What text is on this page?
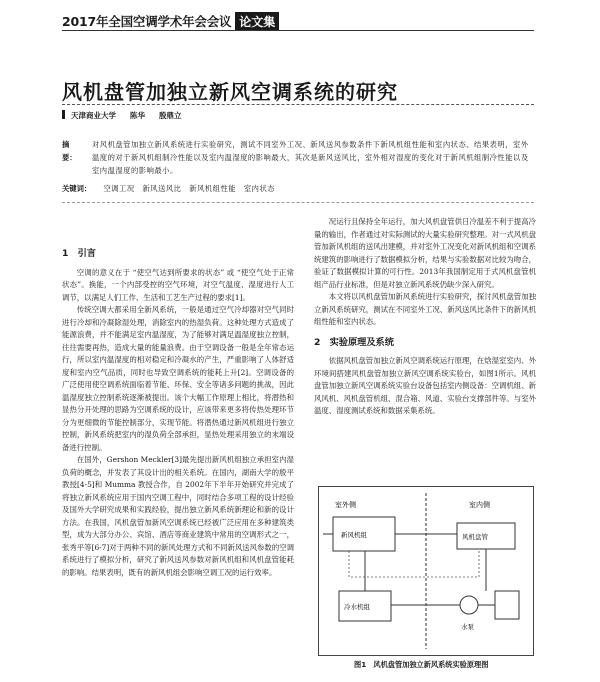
2017年全国空调学术年会会议 论文集
风机盘管加独立新风空调系统的研究
天津商业大学 陈华 殷鼎立
摘　要：
对风机盘管加独立新风系统进行实验研究，测试不同室外工况、新风送风参数条件下新风机组性能和室内状态、结果表明，室外温度的对于新风机组制冷性能以及室内温湿度的影响最大，其次是新风送风比，室外相对湿度的变化对于新风机组制冷性能以及室内温湿度的影响最小。
关键词： 空调工况　新风送风比　新风机组性能　室内状态
1　引言

空调的意义在于 “使空气达到所要求的状态” 或 “使空气处于正常状态”。换能，一个内部受控的空气环境，对空气温度、湿度进行人工调节，以满足人们工作、生活和工艺生产过程的要求[1]。

传统空调大都采用全新风系统，一般是通过空气冷却器对空气同时进行冷却和冷凝除湿处理，消除室内的热湿负荷。这种处理方式造成了能源浪费，并不能满足室内温湿度，为了能够对满足温湿度独立控制，往往需要再热，造成大量的能量浪费。由于空调设备一般是全年常态运行，所以室内温湿度的相对稳定和冷凝水的产生，严重影响了人体舒适度和室内空气品质，同时也导致空调系统的能耗上升[2]。空调设备的广泛使用使空调系统面临着节能、环保、安全等诸多问题的挑战，因此温湿度独立控制系统逐渐被提出。该个大幅工作原理上相比，将潜热和显热分开处理的思路为空调系统的设计，应该带来更多将传热处理环节分为更细微的节能控制部分，实现节能。将潜热通过新风机组进行独立控制，新风系统把室内的湿负荷全部承担，显热处理采用独立的末端设备进行控制。

在国外，Gershon Meckler[3]最先提出新风机组独立承担室内湿负荷的概念，并发表了其设计出的相关系统。在国内，湖南大学的殷平教授[4-5]和 Mumma 教授合作，自 2002年下半年开始研究并完成了将独立新风系统应用于国内空调工程中，同时结合多项工程的设计经验及国外大学研究成果和实践经验，提出独立新风系统新理论和新的设计方法。在我国，风机盘管加新风空调系统已经被广泛应用在多种建筑类型，成为大部分办公、宾馆、酒店等商业建筑中常用的空调形式之一，张秀平等[6-7]对于两种不同的新风处理方式和不同新风送风参数的空调系统进行了模拟分析，研究了新风送风参数对新风机组和风机盘管能耗的影响。结果表明，既有的新风机组会影响空调工况的运行效率。

况运行且保持全年运行，加大风机盘管供日冷温差不利于提高冷量的输出，作者通过对实际测试的大量实验研究整理。对一式风机盘管加新风机组的送风出建模，并对室外工况变化对新风机组和空调系统建筑的影响进行了数据模拟分析，结果与实验数据对比较为吻合，验证了数据模拟计算的可行性。2013年我国制定用于式风机盘管机组产品行业标准，但是对独立新风系统仍缺少深入研究。

本文将以风机盘管加新风系统进行实验研究，探讨风机盘管加独立新风系统研究，测试在不同室外工况、新风送风比条件下的新风机组性能和室内状态。

2　实验原理及系统

依据风机盘管加独立新风空调系统运行原理，在焓湿室室内、外环境间搭建风机盘管加独立新风空调系统实验台，如图1所示。风机盘管加独立新风空调系统实验台设备包括室内侧设备：空调机组、新风风机、风机盘管机组、混合箱、风道、实验台支撑部件等。与室外温度、湿度测试系统和数据采集系统。

室外侧	室内侧
新风机组	风机盘管
冷水机组
水泵
图1　风机盘管加独立新风系统实验原理图
